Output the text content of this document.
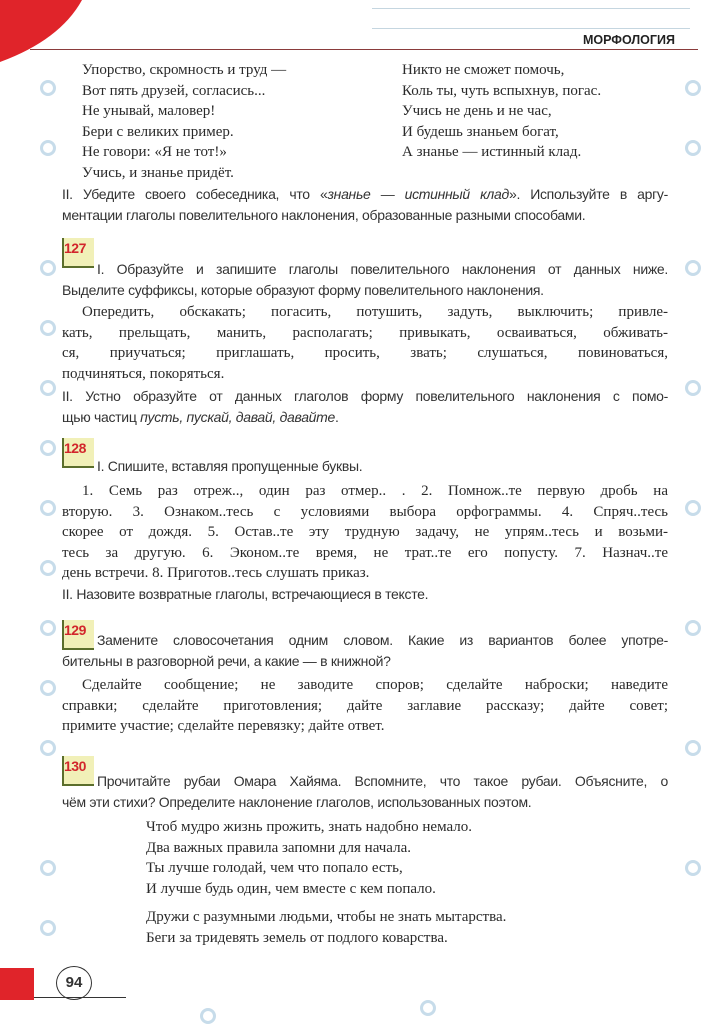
МОРФОЛОГИЯ
Упорство, скромность и труд —
Вот пять друзей, согласись...
Не унывай, маловер!
Бери с великих пример.
Не говори: «Я не тот!»
Учись, и знанье придёт.
Никто не сможет помочь,
Коль ты, чуть вспыхнув, погас.
Учись не день и не час,
И будешь знаньем богат,
А знанье — истинный клад.
II. Убедите своего собеседника, что «знанье — истинный клад». Используйте в аргу-
ментации глаголы повелительного наклонения, образованные разными способами.
127
I. Образуйте и запишите глаголы повелительного наклонения от данных ниже.
Выделите суффиксы, которые образуют форму повелительного наклонения.
Опередить, обскакать; погасить, потушить, задуть, выключить; привле-
кать, прельщать, манить, располагать; привыкать, осваиваться, обживать-
ся, приучаться; приглашать, просить, звать; слушаться, повиноваться,
подчиняться, покоряться.
II. Устно образуйте от данных глаголов форму повелительного наклонения с помо-
щью частиц пусть, пускай, давай, давайте.
128
I. Спишите, вставляя пропущенные буквы.
1. Семь раз отреж.., один раз отмер.. . 2. Помнож..те первую дробь на
вторую. 3. Ознаком..тесь с условиями выбора орфограммы. 4. Спряч..тесь
скорее от дождя. 5. Остав..те эту трудную задачу, не упрям..тесь и возьми-
тесь за другую. 6. Эконом..те время, не трат..те его попусту. 7. Назнач..те
день встречи. 8. Приготов..тесь слушать приказ.
II. Назовите возвратные глаголы, встречающиеся в тексте.
129
Замените словосочетания одним словом. Какие из вариантов более употре-
бительны в разговорной речи, а какие — в книжной?
Сделайте сообщение; не заводите споров; сделайте наброски; наведите
справки; сделайте приготовления; дайте заглавие рассказу; дайте совет;
примите участие; сделайте перевязку; дайте ответ.
130
Прочитайте рубаи Омара Хайяма. Вспомните, что такое рубаи. Объясните, о
чём эти стихи? Определите наклонение глаголов, использованных поэтом.
Чтоб мудро жизнь прожить, знать надобно немало.
Два важных правила запомни для начала.
Ты лучше голодай, чем что попало есть,
И лучше будь один, чем вместе с кем попало.
Дружи с разумными людьми, чтобы не знать мытарства.
Беги за тридевять земель от подлого коварства.
94
